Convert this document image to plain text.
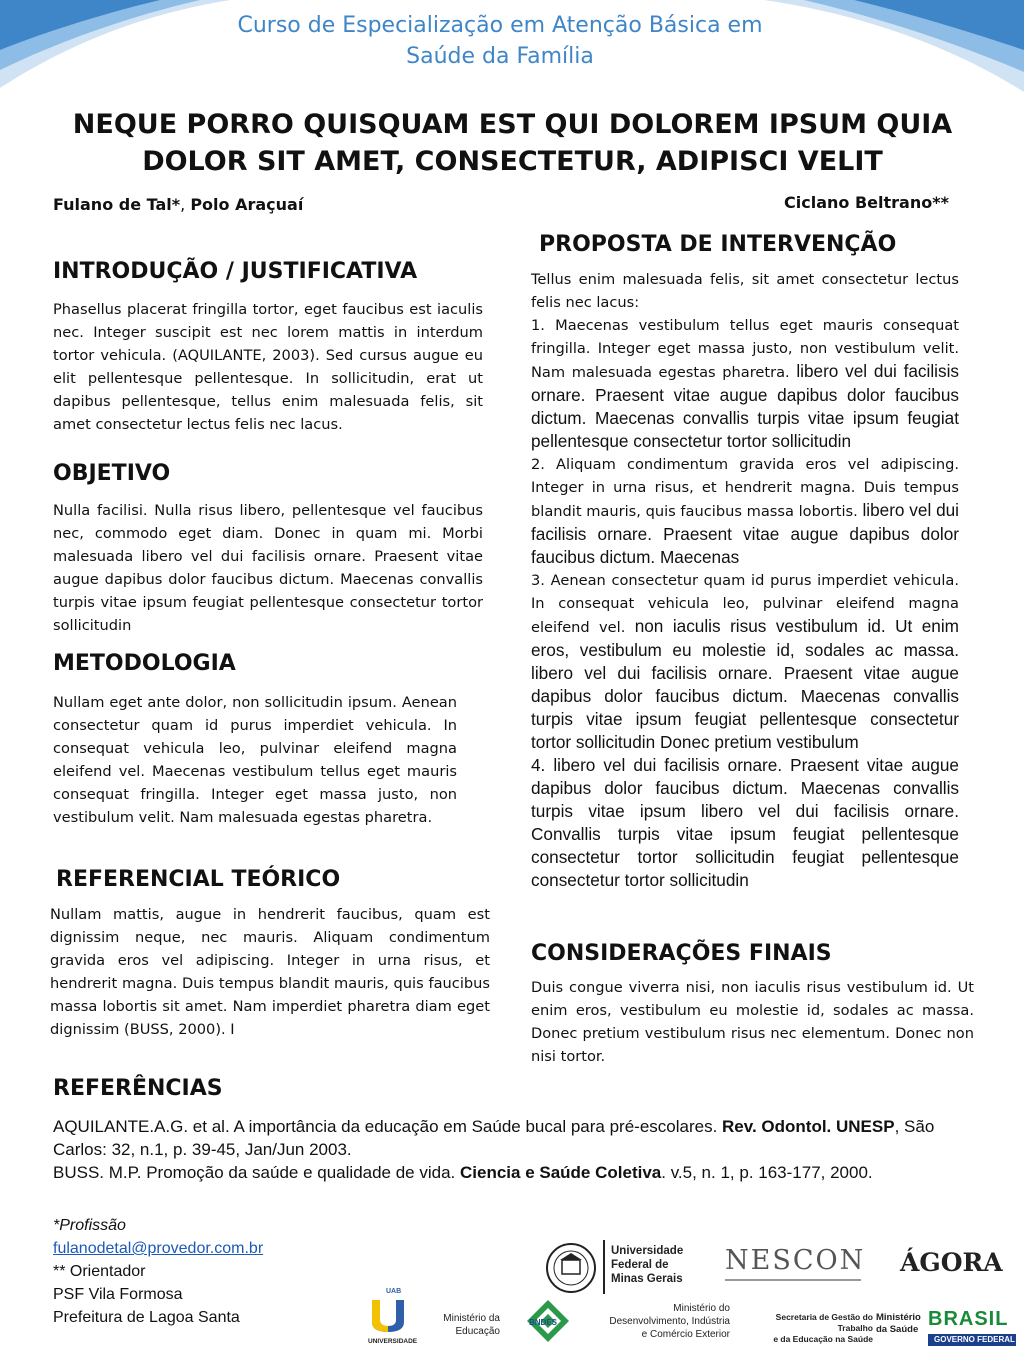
Curso de Especialização em Atenção Básica em
Saúde da Família
NEQUE PORRO QUISQUAM EST QUI DOLOREM IPSUM QUIA
DOLOR SIT AMET, CONSECTETUR, ADIPISCI VELIT
Fulano de Tal*, Polo Araçuaí	Ciclano Beltrano**
INTRODUÇÃO / JUSTIFICATIVA
Phasellus placerat fringilla tortor, eget faucibus est iaculis nec. Integer suscipit est nec lorem mattis in interdum tortor vehicula. (AQUILANTE, 2003). Sed cursus augue eu elit pellentesque pellentesque. In sollicitudin, erat ut dapibus pellentesque, tellus enim malesuada felis, sit amet consectetur lectus felis nec lacus.
OBJETIVO
Nulla facilisi. Nulla risus libero, pellentesque vel faucibus nec, commodo eget diam. Donec in quam mi. Morbi malesuada libero vel dui facilisis ornare. Praesent vitae augue dapibus dolor faucibus dictum. Maecenas convallis turpis vitae ipsum feugiat pellentesque consectetur tortor sollicitudin
METODOLOGIA
Nullam eget ante dolor, non sollicitudin ipsum. Aenean consectetur quam id purus imperdiet vehicula. In consequat vehicula leo, pulvinar eleifend magna eleifend vel. Maecenas vestibulum tellus eget mauris consequat fringilla. Integer eget massa justo, non vestibulum velit. Nam malesuada egestas pharetra.
REFERENCIAL TEÓRICO
Nullam mattis, augue in hendrerit faucibus, quam est dignissim neque, nec mauris. Aliquam condimentum gravida eros vel adipiscing. Integer in urna risus, et hendrerit magna. Duis tempus blandit mauris, quis faucibus massa lobortis sit amet. Nam imperdiet pharetra diam eget dignissim (BUSS, 2000). I
PROPOSTA DE INTERVENÇÃO
Tellus enim malesuada felis, sit amet consectetur lectus felis nec lacus:
1. Maecenas vestibulum tellus eget mauris consequat fringilla. Integer eget massa justo, non vestibulum velit. Nam malesuada egestas pharetra. libero vel dui facilisis ornare. Praesent vitae augue dapibus dolor faucibus dictum. Maecenas convallis turpis vitae ipsum feugiat pellentesque consectetur tortor sollicitudin
2. Aliquam condimentum gravida eros vel adipiscing. Integer in urna risus, et hendrerit magna. Duis tempus blandit mauris, quis faucibus massa lobortis. libero vel dui facilisis ornare. Praesent vitae augue dapibus dolor faucibus dictum. Maecenas
3. Aenean consectetur quam id purus imperdiet vehicula. In consequat vehicula leo, pulvinar eleifend magna eleifend vel. non iaculis risus vestibulum id. Ut enim eros, vestibulum eu molestie id, sodales ac massa. libero vel dui facilisis ornare. Praesent vitae augue dapibus dolor faucibus dictum. Maecenas convallis turpis vitae ipsum feugiat pellentesque consectetur tortor sollicitudin Donec pretium vestibulum
4. libero vel dui facilisis ornare. Praesent vitae augue dapibus dolor faucibus dictum. Maecenas convallis turpis vitae ipsum libero vel dui facilisis ornare. Convallis turpis vitae ipsum feugiat pellentesque consectetur tortor sollicitudin feugiat pellentesque consectetur tortor sollicitudin
CONSIDERAÇÕES FINAIS
Duis congue viverra nisi, non iaculis risus vestibulum id. Ut enim eros, vestibulum eu molestie id, sodales ac massa. Donec pretium vestibulum risus nec elementum. Donec non nisi tortor.
REFERÊNCIAS
AQUILANTE.A.G. et al. A importância da educação em Saúde bucal para pré-escolares. Rev. Odontol. UNESP, São Carlos: 32, n.1, p. 39-45, Jan/Jun 2003.
BUSS. M.P. Promoção da saúde e qualidade de vida. Ciencia e Saúde Coletiva. v.5, n. 1, p. 163-177, 2000.
*Profissão
fulanodetal@provedor.com.br
** Orientador
PSF Vila Formosa
Prefeitura de Lagoa Santa
Universidade
Federal de
Minas Gerais
NESCON ÁGORA
UAB
UNIVERSIDADE
Ministério da
Educação
BNDES
Ministério do
Desenvolvimento, Indústria
e Comércio Exterior
Secretaria de Gestão do Trabalho
e da Educação na Saúde
Ministério
da Saúde BRASIL
GOVERNO FEDERAL
